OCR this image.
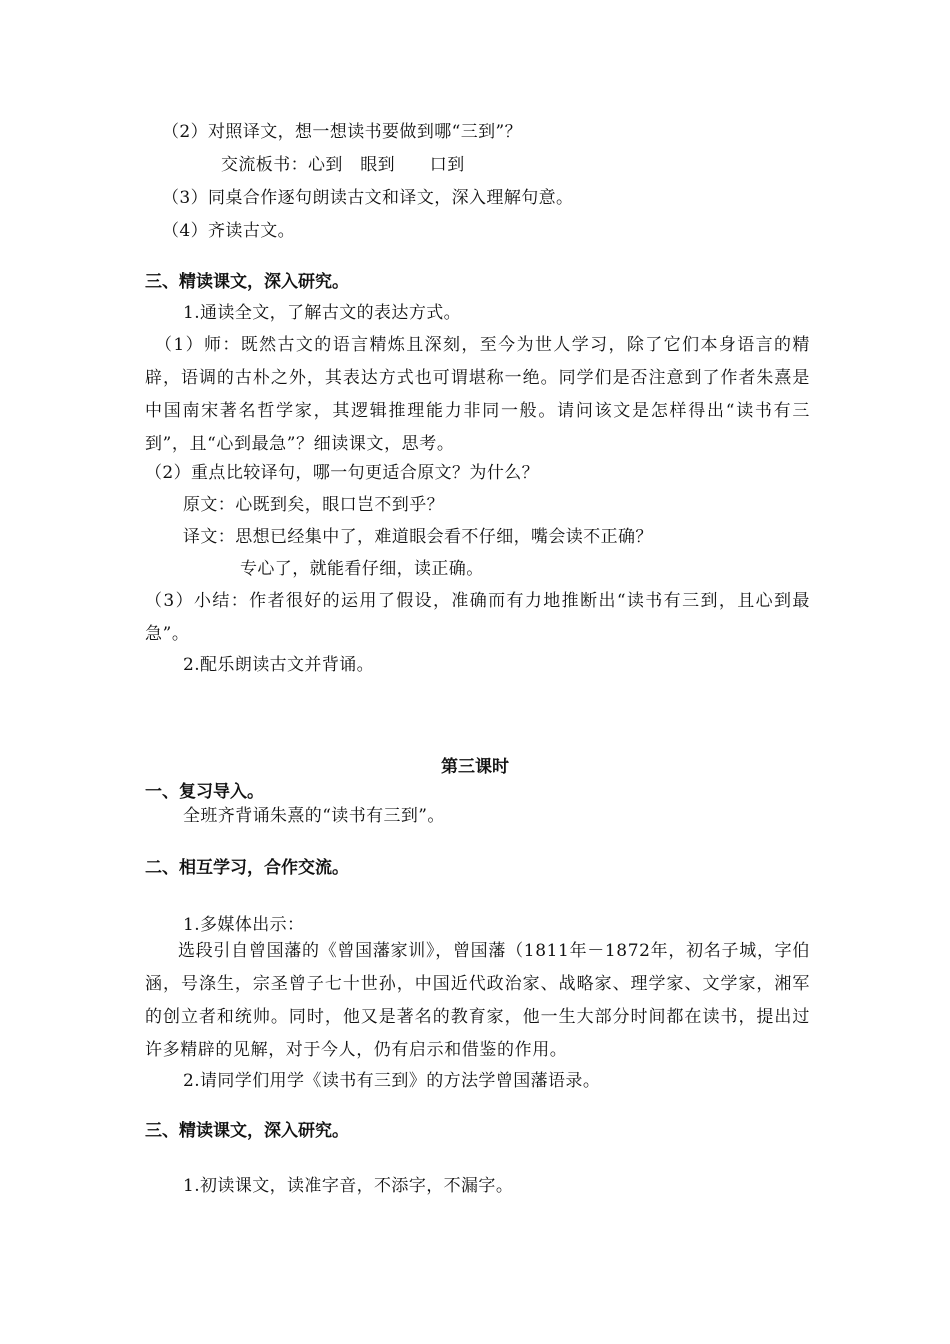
（2）对照译文，想一想读书要做到哪“三到”？
交流板书：心到　眼到　　口到
（3）同桌合作逐句朗读古文和译文，深入理解句意。
（4）齐读古文。
三、精读课文，深入研究。
1.通读全文，了解古文的表达方式。
（1）师：既然古文的语言精炼且深刻，至今为世人学习，除了它们本身语言的精辟，语调的古朴之外，其表达方式也可谓堪称一绝。同学们是否注意到了作者朱熹是中国南宋著名哲学家，其逻辑推理能力非同一般。请问该文是怎样得出“读书有三到”，且“心到最急”？细读课文，思考。
（2）重点比较译句，哪一句更适合原文？为什么？
原文：心既到矣，眼口岂不到乎？
译文：思想已经集中了，难道眼会看不仔细，嘴会读不正确？
专心了，就能看仔细，读正确。
（3）小结：作者很好的运用了假设，准确而有力地推断出“读书有三到，且心到最急”。
2.配乐朗读古文并背诵。
第三课时
一、复习导入。
全班齐背诵朱熹的“读书有三到”。
二、相互学习，合作交流。
1.多媒体出示：
选段引自曾国藩的《曾国藩家训》，曾国藩（1811年－1872年，初名子城，字伯涵，号涤生，宗圣曾子七十世孙，中国近代政治家、战略家、理学家、文学家，湘军的创立者和统帅。同时，他又是著名的教育家，他一生大部分时间都在读书，提出过许多精辟的见解，对于今人，仍有启示和借鉴的作用。
2.请同学们用学《读书有三到》的方法学曾国藩语录。
三、精读课文，深入研究。
1.初读课文，读准字音，不添字，不漏字。
